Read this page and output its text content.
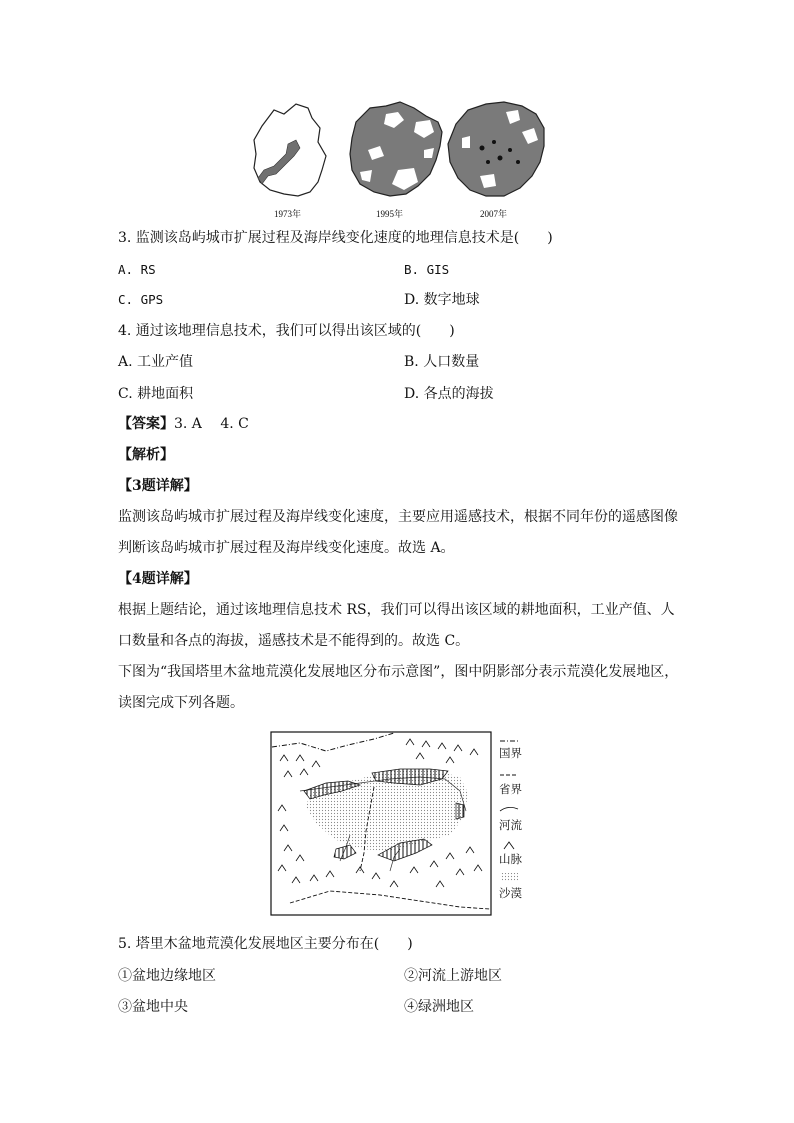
1973年	1995年	2007年
3. 监测该岛屿城市扩展过程及海岸线变化速度的地理信息技术是(　　)
A. RS	B. GIS
C. GPS	D. 数字地球
4. 通过该地理信息技术，我们可以得出该区域的(　　)
A. 工业产值	B. 人口数量
C. 耕地面积	D. 各点的海拔
【答案】3. A　 4. C
【解析】
【3题详解】
监测该岛屿城市扩展过程及海岸线变化速度，主要应用遥感技术，根据不同年份的遥感图像
判断该岛屿城市扩展过程及海岸线变化速度。故选 A。
【4题详解】
根据上题结论，通过该地理信息技术 RS，我们可以得出该区域的耕地面积，工业产值、人
口数量和各点的海拔，遥感技术是不能得到的。故选 C。
下图为“我国塔里木盆地荒漠化发展地区分布示意图”，图中阴影部分表示荒漠化发展地区，
读图完成下列各题。
国界
省界
河流
山脉
沙漠
5. 塔里木盆地荒漠化发展地区主要分布在(　　)
①盆地边缘地区	②河流上游地区
③盆地中央	④绿洲地区
